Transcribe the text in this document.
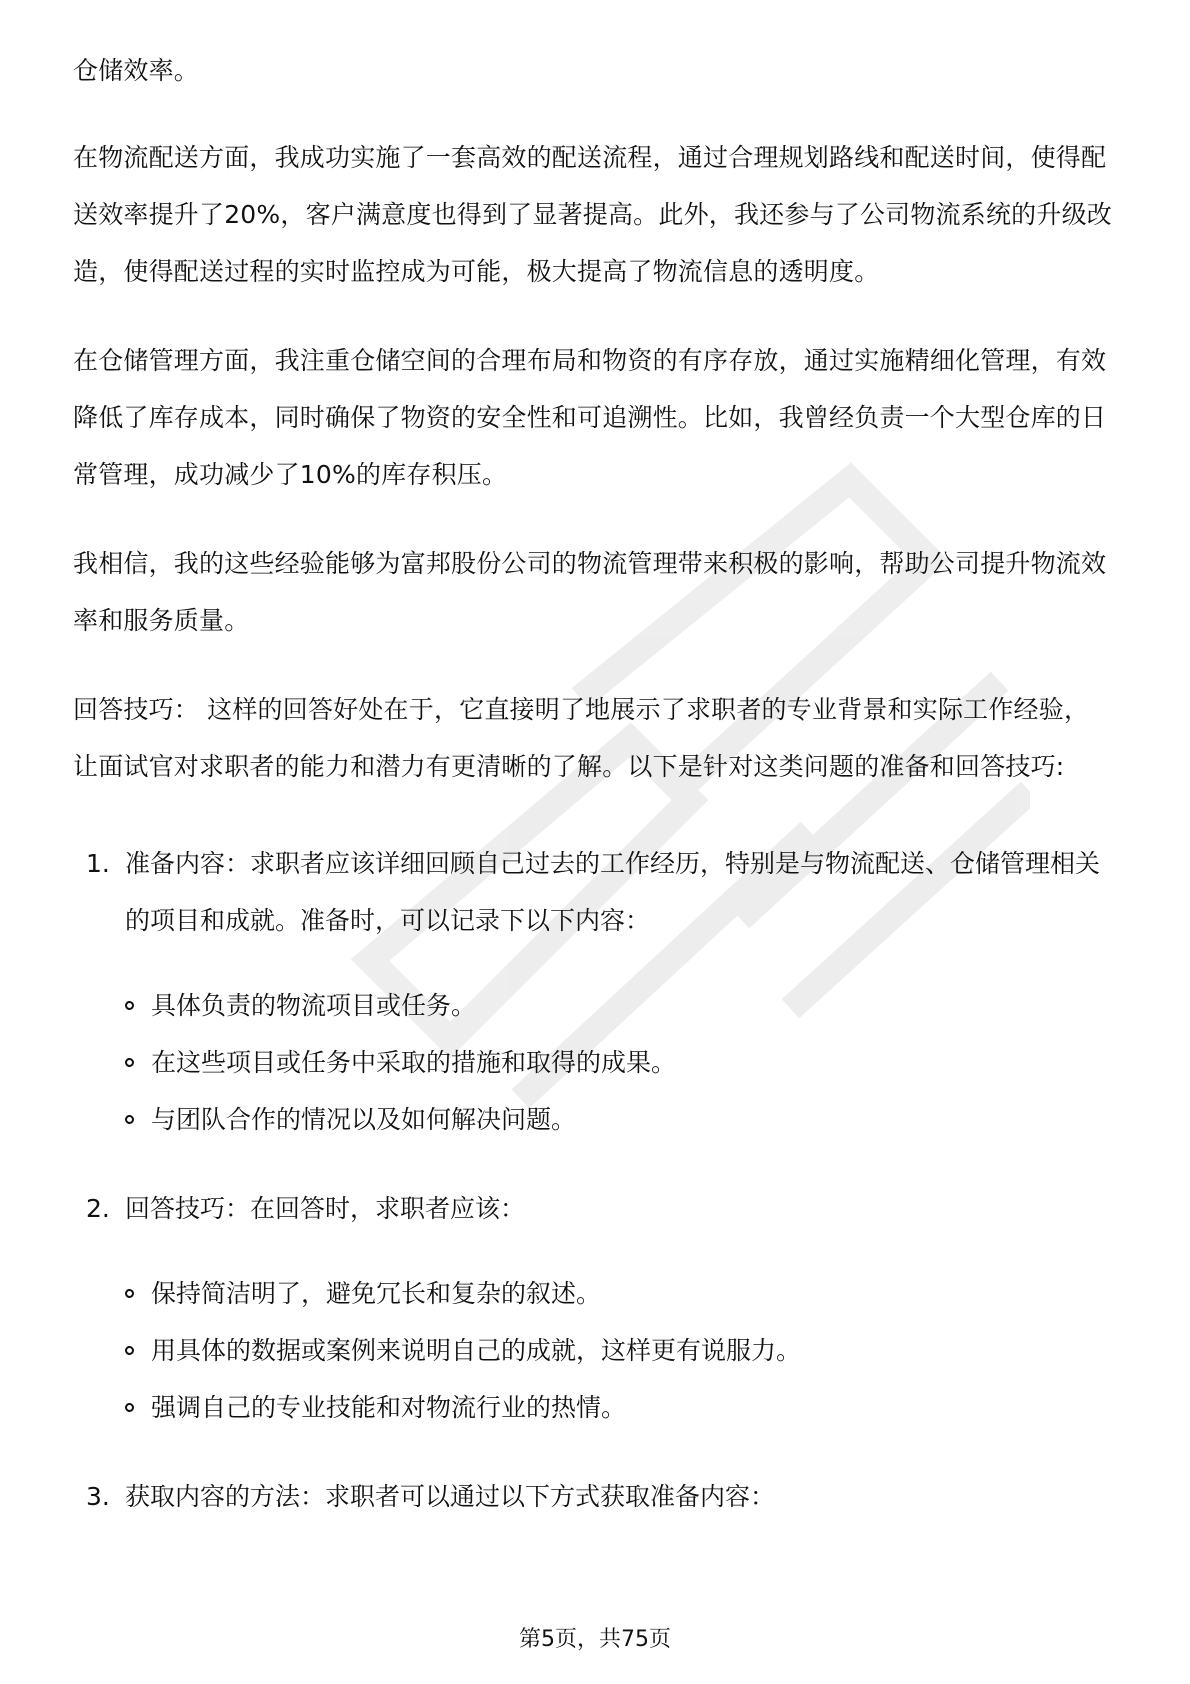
仓储效率。

在物流配送方面，我成功实施了一套高效的配送流程，通过合理规划路线和配送时间，使得配送效率提升了20%，客户满意度也得到了显著提高。此外，我还参与了公司物流系统的升级改造，使得配送过程的实时监控成为可能，极大提高了物流信息的透明度。

在仓储管理方面，我注重仓储空间的合理布局和物资的有序存放，通过实施精细化管理，有效降低了库存成本，同时确保了物资的安全性和可追溯性。比如，我曾经负责一个大型仓库的日常管理，成功减少了10%的库存积压。

我相信，我的这些经验能够为富邦股份公司的物流管理带来积极的影响，帮助公司提升物流效率和服务质量。

回答技巧： 这样的回答好处在于，它直接明了地展示了求职者的专业背景和实际工作经验，让面试官对求职者的能力和潜力有更清晰的了解。以下是针对这类问题的准备和回答技巧:

1. 准备内容：求职者应该详细回顾自己过去的工作经历，特别是与物流配送、仓储管理相关的项目和成就。准备时，可以记录下以下内容：

具体负责的物流项目或任务。
在这些项目或任务中采取的措施和取得的成果。
与团队合作的情况以及如何解决问题。
2. 回答技巧：在回答时，求职者应该：

保持简洁明了，避免冗长和复杂的叙述。
用具体的数据或案例来说明自己的成就，这样更有说服力。
强调自己的专业技能和对物流行业的热情。
3. 获取内容的方法：求职者可以通过以下方式获取准备内容：

第5页，共75页
